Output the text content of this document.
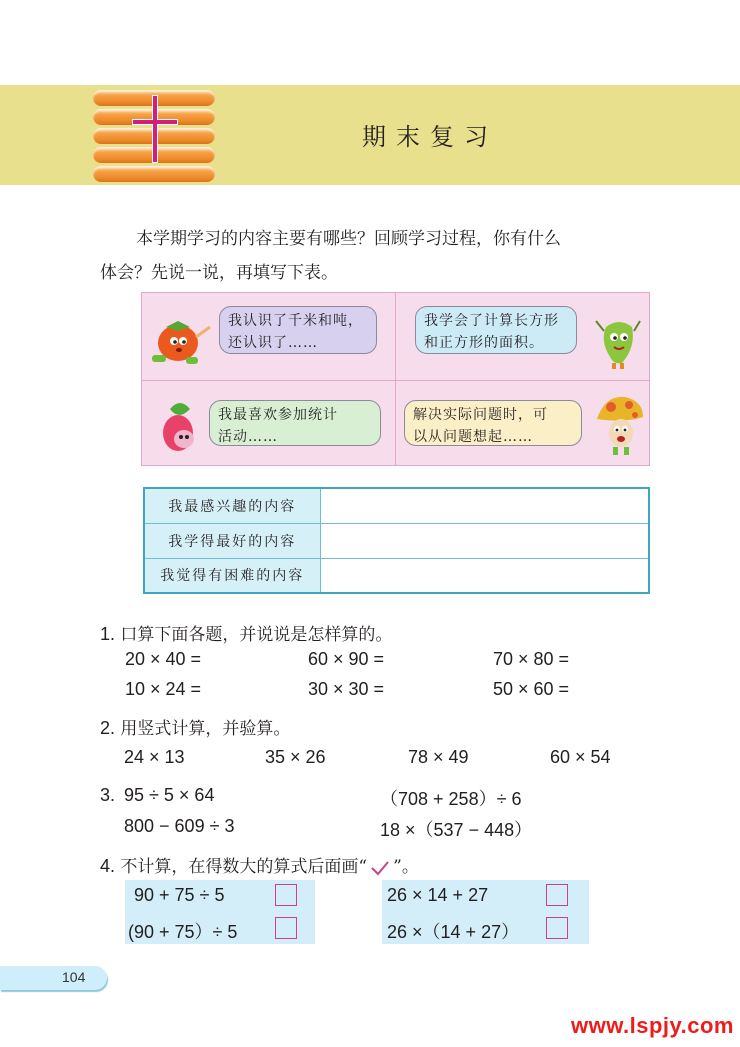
期末复习
本学期学习的内容主要有哪些？回顾学习过程，你有什么
体会？先说一说，再填写下表。
我认识了千米和吨，
还认识了……
我学会了计算长方形
和正方形的面积。
我最喜欢参加统计
活动……
解决实际问题时，可
以从问题想起……
我最感兴趣的内容	
我学得最好的内容	
我觉得有困难的内容	
1. 口算下面各题，并说说是怎样算的。
20 × 40 =	60 × 90 =	70 × 80 =
10 × 24 =	30 × 30 =	50 × 60 =
2. 用竖式计算，并验算。
24 × 13	35 × 26	78 × 49	60 × 54
3. 95 ÷ 5 × 64	（708 + 258）÷ 6
800 − 609 ÷ 3	18 ×（537 − 448）
4. 不计算，在得数大的算式后面画“ ”。
90 + 75 ÷ 5
(90 + 75）÷ 5
26 × 14 + 27
26 ×（14 + 27）
104
www.lspjy.com
